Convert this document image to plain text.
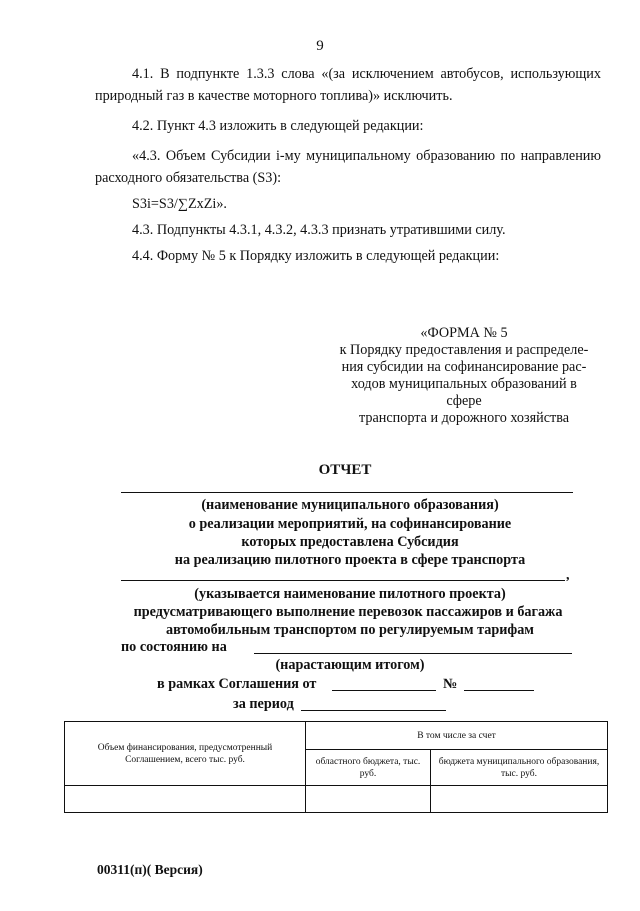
9
4.1. В подпункте 1.3.3 слова «(за исключением автобусов, использующих природный газ в качестве моторного топлива)» исключить.
4.2. Пункт 4.3 изложить в следующей редакции:
«4.3. Объем Субсидии i-му муниципальному образованию по направлению расходного обязательства (S3):
S3i=S3/∑ZxZi».
4.3. Подпункты 4.3.1, 4.3.2, 4.3.3 признать утратившими силу.
4.4. Форму № 5 к Порядку изложить в следующей редакции:
«ФОРМА № 5
к Порядку предоставления и распределе-
ния субсидии на софинансирование рас-
ходов муниципальных образований в
сфере
транспорта и дорожного хозяйства
ОТЧЕТ
(наименование муниципального образования)
о реализации мероприятий, на софинансирование
которых предоставлена Субсидия
на реализацию пилотного проекта в сфере транспорта
,
(указывается наименование пилотного проекта)
предусматривающего выполнение перевозок пассажиров и багажа
автомобильным транспортом по регулируемым тарифам
по состоянию на
(нарастающим итогом)
в рамках Соглашения от	№
за период
Объем финансирования, предусмотренный Соглашением, всего тыс. руб.	В том числе за счет	
	областного бюджета, тыс. руб.	бюджета муниципального образования, тыс. руб.

00311(п)( Версия)
